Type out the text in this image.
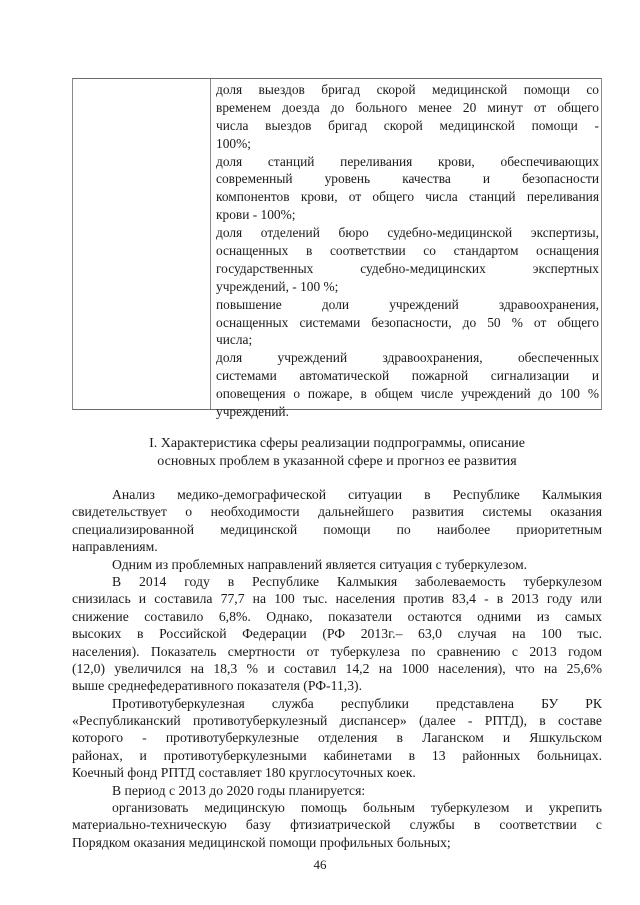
доля выездов бригад скорой медицинской помощи со
временем доезда до больного менее 20 минут от общего
числа выездов бригад скорой медицинской помощи -
100%;
доля станций переливания крови, обеспечивающих
современный уровень качества и безопасности
компонентов крови, от общего числа станций переливания
крови - 100%;
доля отделений бюро судебно-медицинской экспертизы,
оснащенных в соответствии со стандартом оснащения
государственных судебно-медицинских экспертных
учреждений, - 100 %;
повышение доли учреждений здравоохранения,
оснащенных системами безопасности, до 50 % от общего
числа;
доля учреждений здравоохранения, обеспеченных
системами автоматической пожарной сигнализации и
оповещения о пожаре, в общем числе учреждений до 100 %
учреждений.
I. Характеристика сферы реализации подпрограммы, описание
основных проблем в указанной сфере и прогноз ее развития
Анализ медико-демографической ситуации в Республике Калмыкия
свидетельствует о необходимости дальнейшего развития системы оказания
специализированной медицинской помощи по наиболее приоритетным
направлениям.
Одним из проблемных направлений является ситуация с туберкулезом.
В 2014 году в Республике Калмыкия заболеваемость туберкулезом
снизилась и составила 77,7 на 100 тыс. населения против 83,4 - в 2013 году или
снижение составило 6,8%. Однако, показатели остаются одними из самых
высоких в Российской Федерации (РФ 2013г.– 63,0 случая на 100 тыс.
населения). Показатель смертности от туберкулеза по сравнению с 2013 годом
(12,0) увеличился на 18,3 % и составил 14,2 на 1000 населения), что на 25,6%
выше среднефедеративного показателя (РФ-11,3).
Противотуберкулезная служба республики представлена БУ РК
«Республиканский противотуберкулезный диспансер» (далее - РПТД), в составе
которого - противотуберкулезные отделения в Лаганском и Яшкульском
районах, и противотуберкулезными кабинетами в 13 районных больницах.
Коечный фонд РПТД составляет 180 круглосуточных коек.
В период с 2013 до 2020 годы планируется:
организовать медицинскую помощь больным туберкулезом и укрепить
материально-техническую базу фтизиатрической службы в соответствии с
Порядком оказания медицинской помощи профильных больных;
46
